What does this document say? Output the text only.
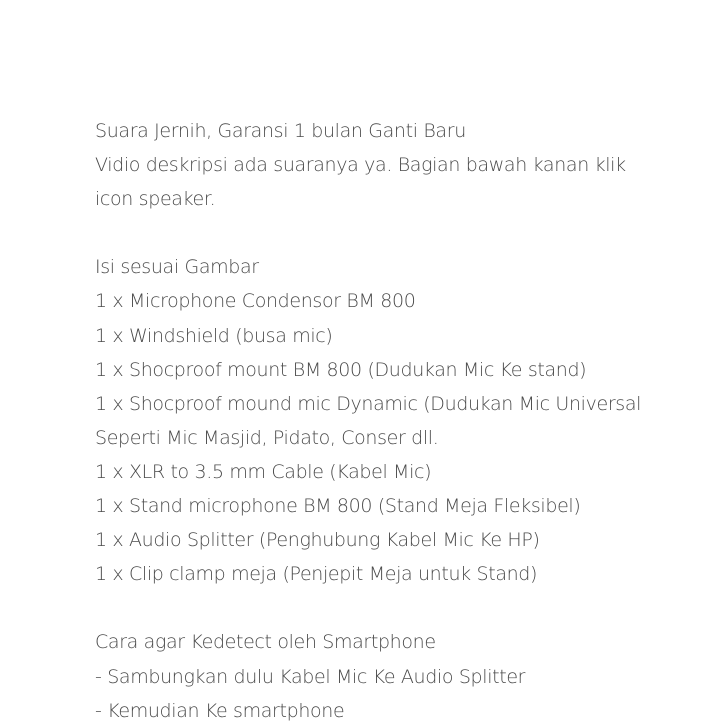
Suara Jernih, Garansi 1 bulan Ganti Baru
Vidio deskripsi ada suaranya ya. Bagian bawah kanan klik
icon speaker.
Isi sesuai Gambar
1 x Microphone Condensor BM 800
1 x Windshield (busa mic)
1 x Shocproof mount BM 800 (Dudukan Mic Ke stand)
1 x Shocproof mound mic Dynamic (Dudukan Mic Universal
Seperti Mic Masjid, Pidato, Conser dll.
1 x XLR to 3.5 mm Cable (Kabel Mic)
1 x Stand microphone BM 800 (Stand Meja Fleksibel)
1 x Audio Splitter (Penghubung Kabel Mic Ke HP)
1 x Clip clamp meja (Penjepit Meja untuk Stand)
Cara agar Kedetect oleh Smartphone
- Sambungkan dulu Kabel Mic Ke Audio Splitter
- Kemudian Ke smartphone
